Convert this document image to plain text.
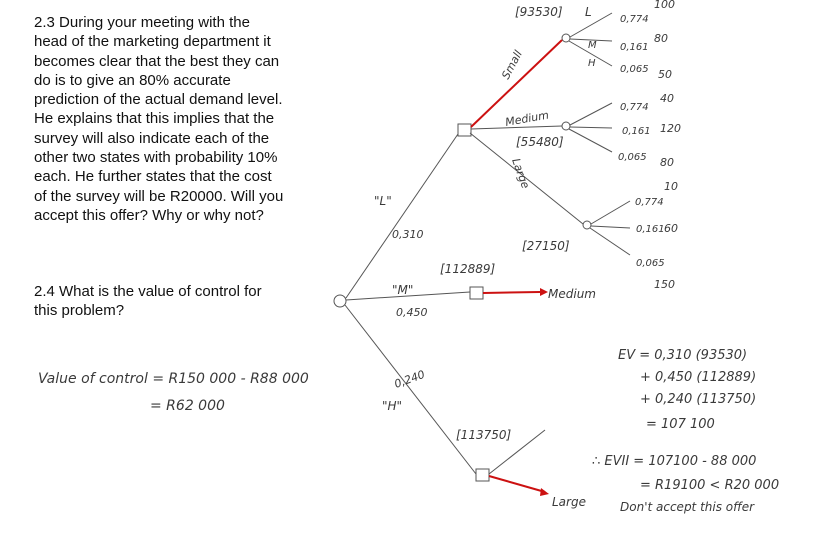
2.3 During your meeting with the head of the marketing department it becomes clear that the best they can do is to give an 80% accurate prediction of the actual demand level. He explains that this implies that the survey will also indicate each of the other two states with probability 10% each. He further states that the cost of the survey will be R20000. Will you accept this offer? Why or why not?
2.4 What is the value of control for this problem?
[93530] L
Small
Medium
[55480]
Large
[27150]
[112889]
Medium
[113750]
Large
"L"
0,310
"M"
0,450
0,240
"H"
0,774
0,161
0,065
M
H
0,774
0,161
0,065
0,774
0,161
0,065
100
80
50
40
120
80
10
60
150
Value of control = R150 000 - R88 000
= R62 000
EV = 0,310 (93530)
+ 0,450 (112889)
+ 0,240 (113750)
= 107 100
∴ EVII = 107100 - 88 000
= R19100 < R20 000
Don't accept this offer
